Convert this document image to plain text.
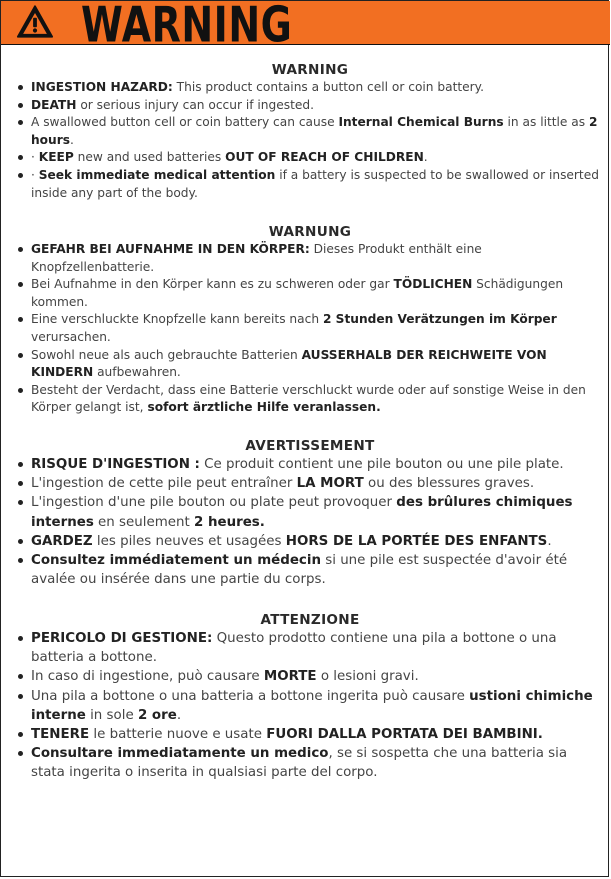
WARNING
WARNING
INGESTION HAZARD: This product contains a button cell or coin battery.
DEATH or serious injury can occur if ingested.
A swallowed button cell or coin battery can cause Internal Chemical Burns in as little as 2 hours.
· KEEP new and used batteries OUT OF REACH OF CHILDREN.
· Seek immediate medical attention if a battery is suspected to be swallowed or inserted inside any part of the body.
WARNUNG
GEFAHR BEI AUFNAHME IN DEN KÖRPER: Dieses Produkt enthält eine Knopfzellenbatterie.
Bei Aufnahme in den Körper kann es zu schweren oder gar TÖDLICHEN Schädigungen kommen.
Eine verschluckte Knopfzelle kann bereits nach 2 Stunden Verätzungen im Körper verursachen.
Sowohl neue als auch gebrauchte Batterien AUSSERHALB DER REICHWEITE VON KINDERN aufbewahren.
Besteht der Verdacht, dass eine Batterie verschluckt wurde oder auf sonstige Weise in den Körper gelangt ist, sofort ärztliche Hilfe veranlassen.
AVERTISSEMENT
RISQUE D'INGESTION : Ce produit contient une pile bouton ou une pile plate.
L'ingestion de cette pile peut entraîner LA MORT ou des blessures graves.
L'ingestion d'une pile bouton ou plate peut provoquer des brûlures chimiques internes en seulement 2 heures.
GARDEZ les piles neuves et usagées HORS DE LA PORTÉE DES ENFANTS.
Consultez immédiatement un médecin si une pile est suspectée d'avoir été avalée ou insérée dans une partie du corps.
ATTENZIONE
PERICOLO DI GESTIONE: Questo prodotto contiene una pila a bottone o una batteria a bottone.
In caso di ingestione, può causare MORTE o lesioni gravi.
Una pila a bottone o una batteria a bottone ingerita può causare ustioni chimiche interne in sole 2 ore.
TENERE le batterie nuove e usate FUORI DALLA PORTATA DEI BAMBINI.
Consultare immediatamente un medico, se si sospetta che una batteria sia stata ingerita o inserita in qualsiasi parte del corpo.
